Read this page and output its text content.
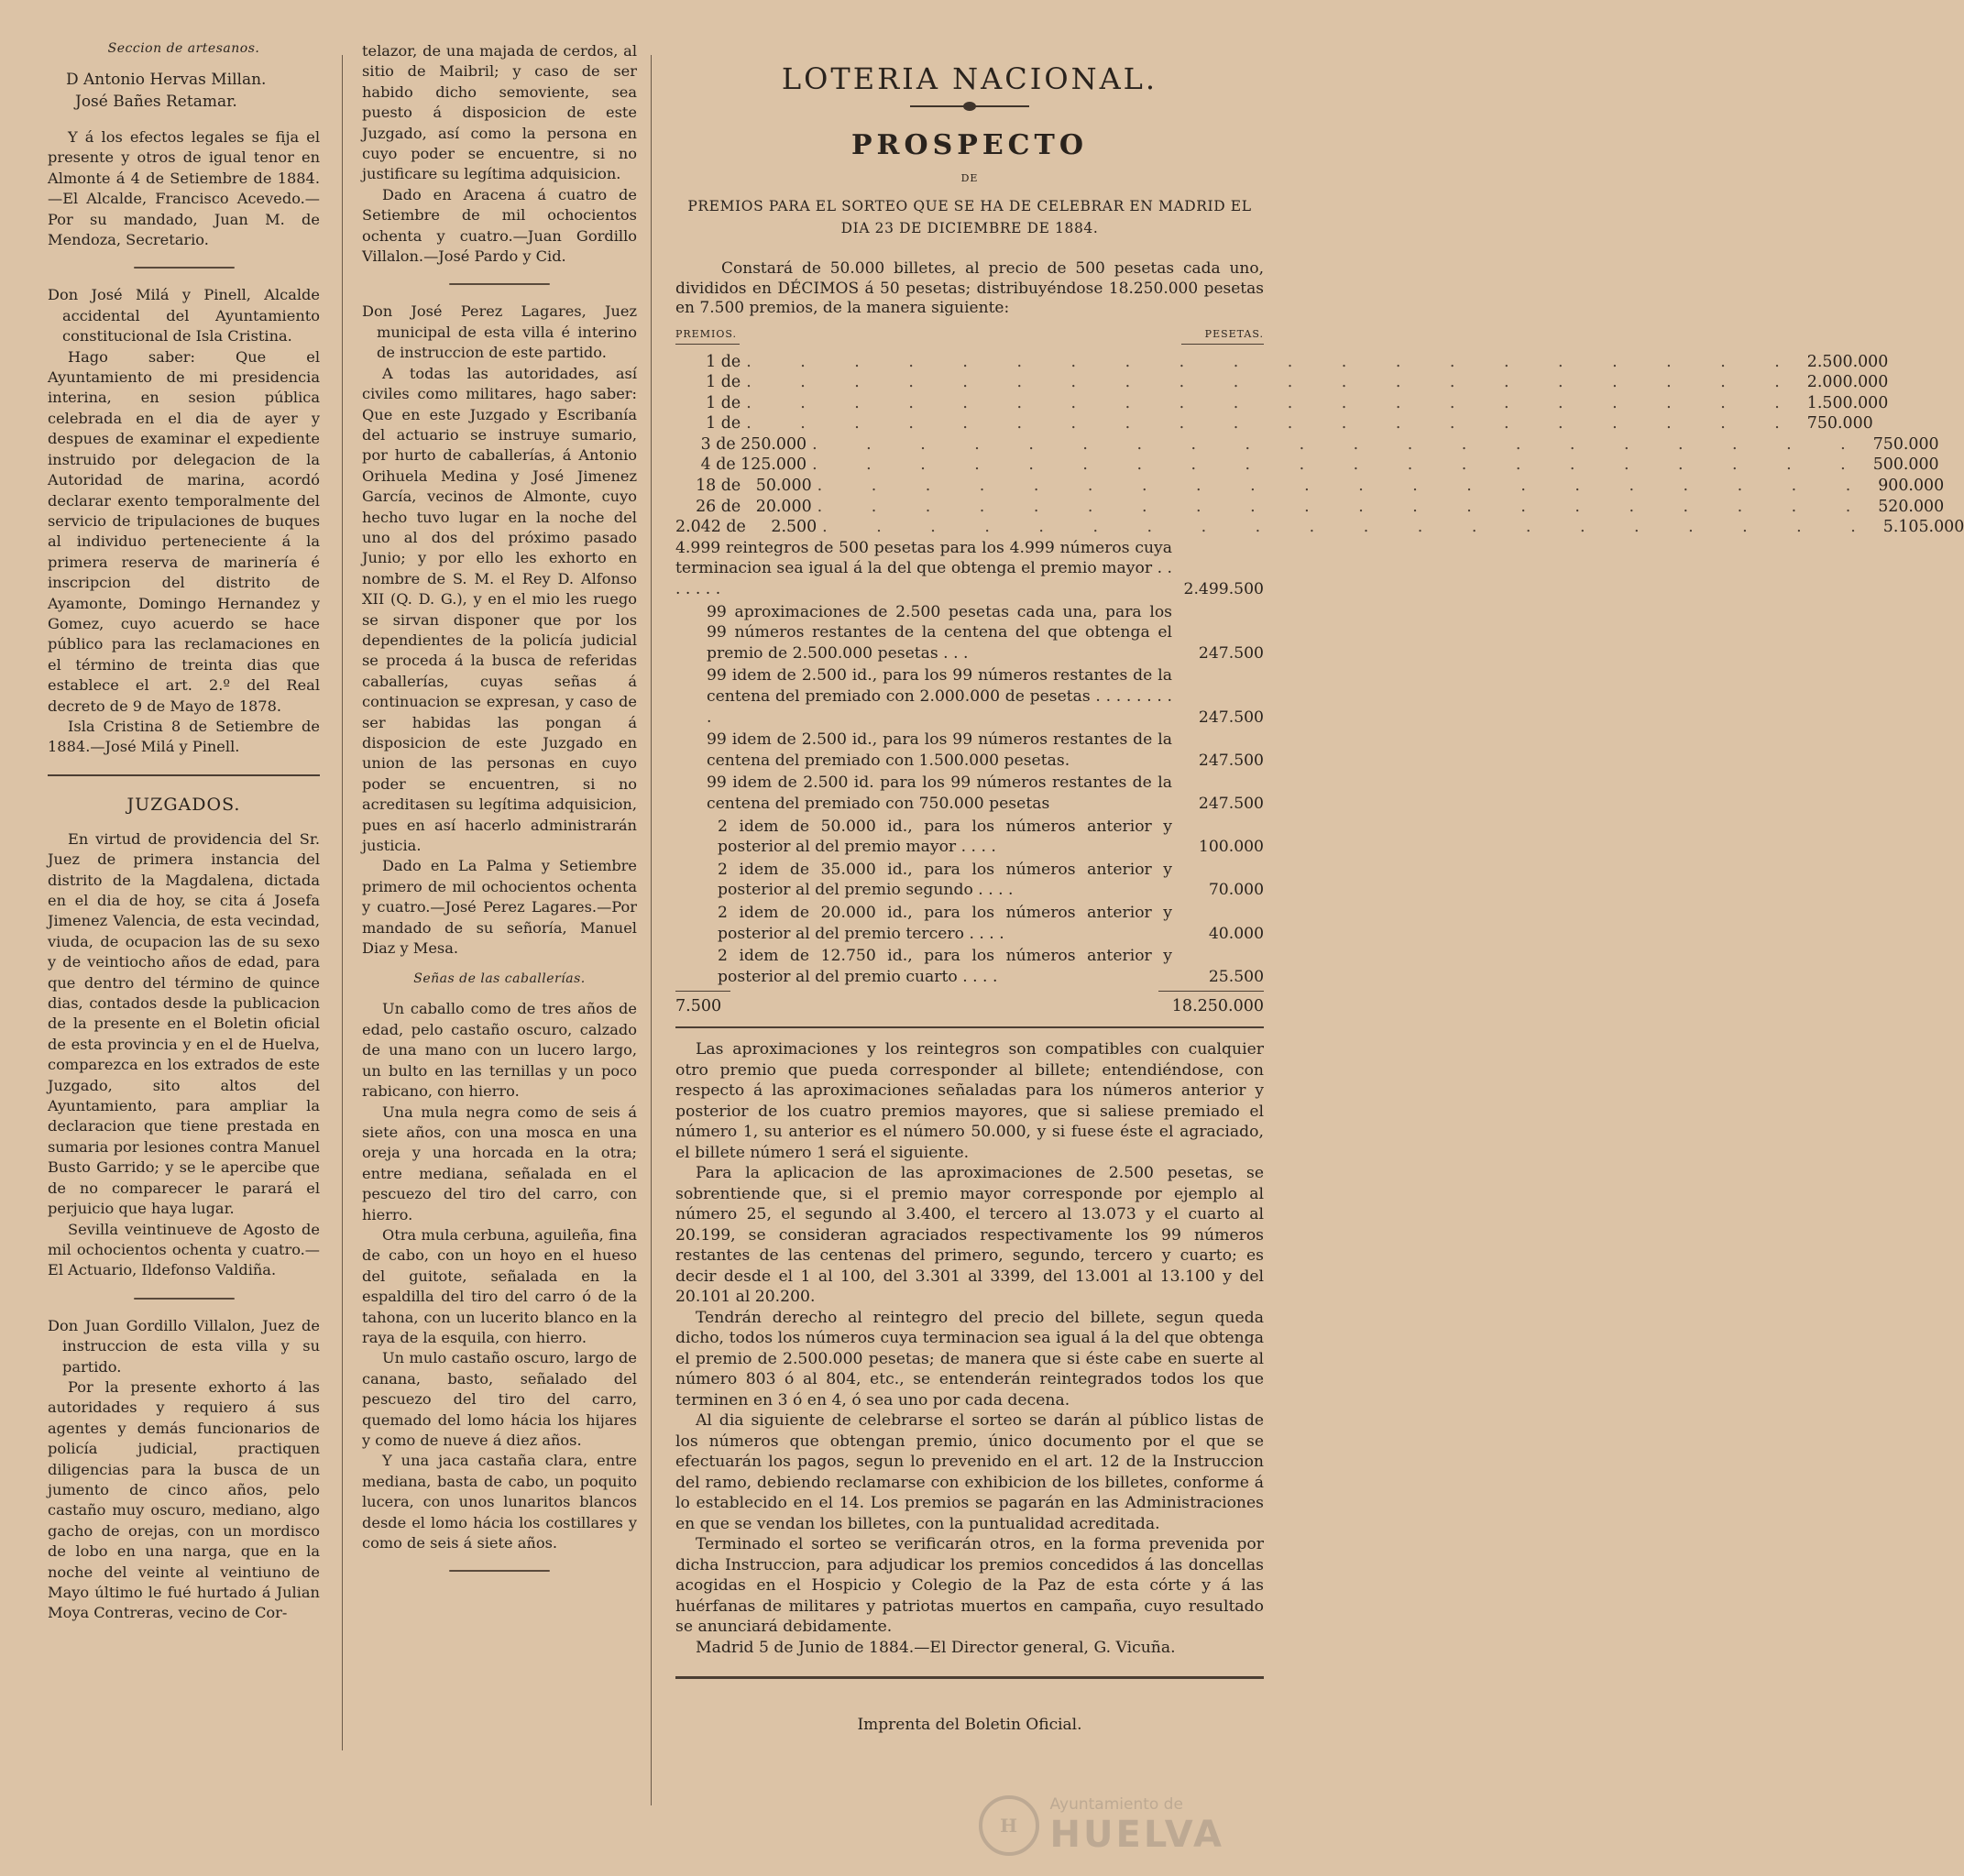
Seccion de artesanos.
D Antonio Hervas Millan.
José Bañes Retamar.

Y á los efectos legales se fija el presente y otros de igual tenor en Almonte á 4 de Setiembre de 1884.—El Alcalde, Francisco Acevedo.—Por su mandado, Juan M. de Mendoza, Secretario.

Don José Milá y Pinell, Alcalde accidental del Ayuntamiento constitucional de Isla Cristina.

Hago saber: Que el Ayuntamiento de mi presidencia interina, en sesion pública celebrada en el dia de ayer y despues de examinar el expediente instruido por delegacion de la Autoridad de marina, acordó declarar exento temporalmente del servicio de tripulaciones de buques al individuo perteneciente á la primera reserva de marinería é inscripcion del distrito de Ayamonte, Domingo Hernandez y Gomez, cuyo acuerdo se hace público para las reclamaciones en el término de treinta dias que establece el art. 2.º del Real decreto de 9 de Mayo de 1878.

Isla Cristina 8 de Setiembre de 1884.—José Milá y Pinell.

JUZGADOS.

En virtud de providencia del Sr. Juez de primera instancia del distrito de la Magdalena, dictada en el dia de hoy, se cita á Josefa Jimenez Valencia, de esta vecindad, viuda, de ocupacion las de su sexo y de veintiocho años de edad, para que dentro del término de quince dias, contados desde la publicacion de la presente en el Boletin oficial de esta provincia y en el de Huelva, comparezca en los extrados de este Juzgado, sito altos del Ayuntamiento, para ampliar la declaracion que tiene prestada en sumaria por lesiones contra Manuel Busto Garrido; y se le apercibe que de no comparecer le parará el perjuicio que haya lugar.

Sevilla veintinueve de Agosto de mil ochocientos ochenta y cuatro.—El Actuario, Ildefonso Valdiña.

Don Juan Gordillo Villalon, Juez de instruccion de esta villa y su partido.

Por la presente exhorto á las autoridades y requiero á sus agentes y demás funcionarios de policía judicial, practiquen diligencias para la busca de un jumento de cinco años, pelo castaño muy oscuro, mediano, algo gacho de orejas, con un mordisco de lobo en una narga, que en la noche del veinte al veintiuno de Mayo último le fué hurtado á Julian Moya Contreras, vecino de Cor-

telazor, de una majada de cerdos, al sitio de Maibril; y caso de ser habido dicho semoviente, sea puesto á disposicion de este Juzgado, así como la persona en cuyo poder se encuentre, si no justificare su legítima adquisicion.

Dado en Aracena á cuatro de Setiembre de mil ochocientos ochenta y cuatro.—Juan Gordillo Villalon.—José Pardo y Cid.

Don José Perez Lagares, Juez municipal de esta villa é interino de instruccion de este partido.

A todas las autoridades, así civiles como militares, hago saber: Que en este Juzgado y Escribanía del actuario se instruye sumario, por hurto de caballerías, á Antonio Orihuela Medina y José Jimenez García, vecinos de Almonte, cuyo hecho tuvo lugar en la noche del uno al dos del próximo pasado Junio; y por ello les exhorto en nombre de S. M. el Rey D. Alfonso XII (Q. D. G.), y en el mio les ruego se sirvan disponer que por los dependientes de la policía judicial se proceda á la busca de referidas caballerías, cuyas señas á continuacion se expresan, y caso de ser habidas las pongan á disposicion de este Juzgado en union de las personas en cuyo poder se encuentren, si no acreditasen su legítima adquisicion, pues en así hacerlo administrarán justicia.

Dado en La Palma y Setiembre primero de mil ochocientos ochenta y cuatro.—José Perez Lagares.—Por mandado de su señoría, Manuel Diaz y Mesa.

Señas de las caballerías.

Un caballo como de tres años de edad, pelo castaño oscuro, calzado de una mano con un lucero largo, un bulto en las ternillas y un poco rabicano, con hierro.

Una mula negra como de seis á siete años, con una mosca en una oreja y una horcada en la otra; entre mediana, señalada en el pescuezo del tiro del carro, con hierro.

Otra mula cerbuna, aguileña, fina de cabo, con un hoyo en el hueso del guitote, señalada en la espaldilla del tiro del carro ó de la tahona, con un lucerito blanco en la raya de la esquila, con hierro.

Un mulo castaño oscuro, largo de canana, basto, señalado del pescuezo del tiro del carro, quemado del lomo hácia los hijares y como de nueve á diez años.

Y una jaca castaña clara, entre mediana, basta de cabo, un poquito lucera, con unos lunaritos blancos desde el lomo hácia los costillares y como de seis á siete años.

LOTERIA NACIONAL.
PROSPECTO
DE
PREMIOS PARA EL SORTEO QUE SE HA DE CELEBRAR EN MADRID EL DIA 23 DE DICIEMBRE DE 1884.

Constará de 50.000 billetes, al precio de 500 pesetas cada uno, divididos en DÉCIMOS á 50 pesetas; distribuyéndose 18.250.000 pesetas en 7.500 premios, de la manera siguiente:

PREMIOS.	PESETAS.
1 de . . . . . . . . . . . . . . . . . . . . 2.500.000
1 de . . . . . . . . . . . . . . . . . . . . 2.000.000
1 de . . . . . . . . . . . . . . . . . . . . 1.500.000
1 de . . . . . . . . . . . . . . . . . . . . 750.000
3 de 250.000 . . . . . . . . . . . . . . . . . . . . 750.000
4 de 125.000 . . . . . . . . . . . . . . . . . . . . 500.000
18 de   50.000 . . . . . . . . . . . . . . . . . . . . 900.000
26 de   20.000 . . . . . . . . . . . . . . . . . . . . 520.000
2.042 de     2.500 . . . . . . . . . . . . . . . . . . . . 5.105.000
4.999 reintegros de 500 pesetas para los 4.999 números cuya terminacion sea igual á la del que obtenga el premio mayor . . . . . . .	2.499.500
99 aproximaciones de 2.500 pesetas cada una, para los 99 números restantes de la centena del que obtenga el premio de 2.500.000 pesetas . . .	247.500
99 idem de 2.500 id., para los 99 números restantes de la centena del premiado con 2.000.000 de pesetas . . . . . . . . .	247.500
99 idem de 2.500 id., para los 99 números restantes de la centena del premiado con 1.500.000 pesetas.	247.500
99 idem de 2.500 id. para los 99 números restantes de la centena del premiado con 750.000 pesetas	247.500
2 idem de 50.000 id., para los números anterior y posterior al del premio mayor . . . .	100.000
2 idem de 35.000 id., para los números anterior y posterior al del premio segundo . . . .	70.000
2 idem de 20.000 id., para los números anterior y posterior al del premio tercero . . . .	40.000
2 idem de 12.750 id., para los números anterior y posterior al del premio cuarto . . . .	25.500
7.500	18.250.000

Las aproximaciones y los reintegros son compatibles con cualquier otro premio que pueda corresponder al billete; entendiéndose, con respecto á las aproximaciones señaladas para los números anterior y posterior de los cuatro premios mayores, que si saliese premiado el número 1, su anterior es el número 50.000, y si fuese éste el agraciado, el billete número 1 será el siguiente.

Para la aplicacion de las aproximaciones de 2.500 pesetas, se sobrentiende que, si el premio mayor corresponde por ejemplo al número 25, el segundo al 3.400, el tercero al 13.073 y el cuarto al 20.199, se consideran agraciados respectivamente los 99 números restantes de las centenas del primero, segundo, tercero y cuarto; es decir desde el 1 al 100, del 3.301 al 3399, del 13.001 al 13.100 y del 20.101 al 20.200.

Tendrán derecho al reintegro del precio del billete, segun queda dicho, todos los números cuya terminacion sea igual á la del que obtenga el premio de 2.500.000 pesetas; de manera que si éste cabe en suerte al número 803 ó al 804, etc., se entenderán reintegrados todos los que terminen en 3 ó en 4, ó sea uno por cada decena.

Al dia siguiente de celebrarse el sorteo se darán al público listas de los números que obtengan premio, único documento por el que se efectuarán los pagos, segun lo prevenido en el art. 12 de la Instruccion del ramo, debiendo reclamarse con exhibicion de los billetes, conforme á lo establecido en el 14. Los premios se pagarán en las Administraciones en que se vendan los billetes, con la puntualidad acreditada.

Terminado el sorteo se verificarán otros, en la forma prevenida por dicha Instruccion, para adjudicar los premios concedidos á las doncellas acogidas en el Hospicio y Colegio de la Paz de esta córte y á las huérfanas de militares y patriotas muertos en campaña, cuyo resultado se anunciará debidamente.

Madrid 5 de Junio de 1884.—El Director general, G. Vicuña.

Imprenta del Boletin Oficial.
H
Ayuntamiento de
HUELVA
